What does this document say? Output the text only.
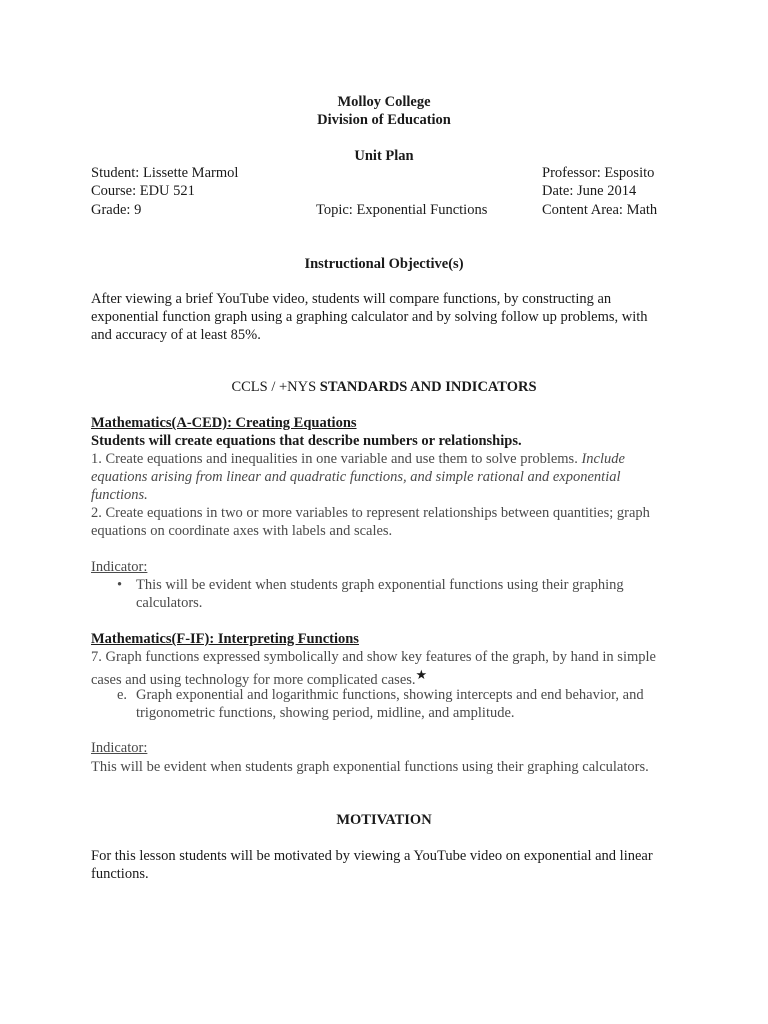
Molloy College
Division of Education
Unit Plan
Student: Lissette Marmol
Course: EDU 521
Grade: 9	Topic: Exponential Functions
Professor: Esposito
Date: June 2014
Content Area: Math
Instructional Objective(s)

After viewing a brief YouTube video, students will compare functions, by constructing an

exponential function graph using a graphing calculator and by solving follow up problems, with

and accuracy of at least 85%.

CCLS / +NYS STANDARDS AND INDICATORS
Mathematics(A-CED): Creating Equations
Students will create equations that describe numbers or relationships.

1. Create equations and inequalities in one variable and use them to solve problems. Include

equations arising from linear and quadratic functions, and simple rational and exponential

functions.

2. Create equations in two or more variables to represent relationships between quantities; graph

equations on coordinate axes with labels and scales.

Indicator:
• This will be evident when students graph exponential functions using their graphing
calculators.
Mathematics(F-IF): Interpreting Functions

7. Graph functions expressed symbolically and show key features of the graph, by hand in simple

cases and using technology for more complicated cases.★

e. Graph exponential and logarithmic functions, showing intercepts and end behavior, and
trigonometric functions, showing period, midline, and amplitude.
Indicator:
This will be evident when students graph exponential functions using their graphing calculators.
MOTIVATION

For this lesson students will be motivated by viewing a YouTube video on exponential and linear

functions.
